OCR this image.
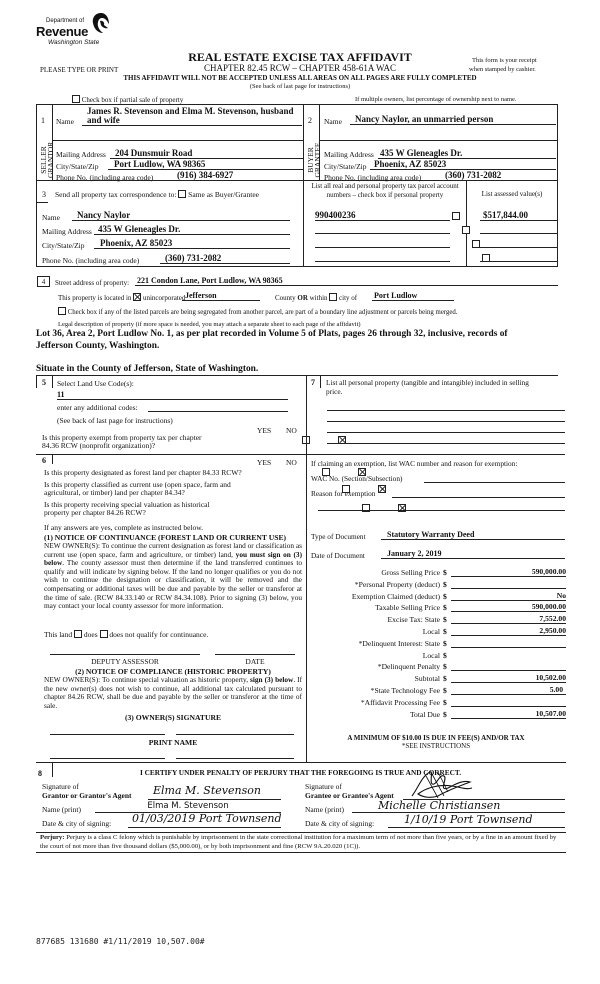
Department of
Revenue
Washington State
REAL ESTATE EXCISE TAX AFFIDAVIT
CHAPTER 82.45 RCW – CHAPTER 458-61A WAC
PLEASE TYPE OR PRINT
This form is your receipt
when stamped by cashier.
THIS AFFIDAVIT WILL NOT BE ACCEPTED UNLESS ALL AREAS ON ALL PAGES ARE FULLY COMPLETED
(See back of last page for instructions)
Check box if partial sale of property	If multiple owners, list percentage of ownership next to name.
1 Name
James R. Stevenson and Elma M. Stevenson, husband
and wife
SELLER
GRANTOR Mailing Address	204 Dunsmuir Road
City/State/Zip	Port Ludlow, WA 98365
Phone No. (including area code)	(916) 384-6927
2 Name	Nancy Naylor, an unmarried person
BUYER
GRANTEE Mailing Address 435 W Gleneagles Dr.
City/State/Zip Phoenix, AZ 85023
Phone No. (including area code)	(360) 731-2082
3 Send all property tax correspondence to: Same as Buyer/Grantee
Name	Nancy Naylor
Mailing Address 435 W Gleneagles Dr.
City/State/Zip	Phoenix, AZ 85023
Phone No. (including area code)	(360) 731-2082
List all real and personal property tax parcel account
numbers – check box if personal property	List assessed value(s)
990400236
	$517,844.00

4	Street address of property: 221 Condon Lane, Port Ludlow, WA 98365
This property is located in unincorporated Jefferson	County OR within city of Port Ludlow
Check box if any of the listed parcels are being segregated from another parcel, are part of a boundary line adjustment or parcels being merged.
Legal description of property (if more space is needed, you may attach a separate sheet to each page of the affidavit)
Lot 36, Area 2, Port Ludlow No. 1, as per plat recorded in Volume 5 of Plats, pages 26 through 32, inclusive, records of
Jefferson County, Washington.
Situate in the County of Jefferson, State of Washington.
5 Select Land Use Code(s):
11
enter any additional codes:
(See back of last page for instructions)
YES NO
Is this property exempt from property tax per chapter
84.36 RCW (nonprofit organization)?

6	YES NO
Is this property designated as forest land per chapter 84.33 RCW?

Is this property classified as current use (open space, farm and
agricultural, or timber) land per chapter 84.34?

Is this property receiving special valuation as historical
property per chapter 84.26 RCW?

If any answers are yes, complete as instructed below.
(1) NOTICE OF CONTINUANCE (FOREST LAND OR CURRENT USE)
NEW OWNER(S): To continue the current designation as forest land or classification as current use (open space, farm and agriculture, or timber) land, you must sign on (3) below. The county assessor must then determine if the land transferred continues to qualify and will indicate by signing below. If the land no longer qualifies or you do not wish to continue the designation or classification, it will be removed and the compensating or additional taxes will be due and payable by the seller or transferor at the time of sale. (RCW 84.33.140 or RCW 84.34.108). Prior to signing (3) below, you may contact your local county assessor for more information.
This land does does not qualify for continuance.
DEPUTY ASSESSOR	DATE
(2) NOTICE OF COMPLIANCE (HISTORIC PROPERTY)
NEW OWNER(S): To continue special valuation as historic property, sign (3) below. If the new owner(s) does not wish to continue, all additional tax calculated pursuant to chapter 84.26 RCW, shall be due and payable by the seller or transferor at the time of sale.
(3) OWNER(S) SIGNATURE
PRINT NAME
7 List all personal property (tangible and intangible) included in selling
price.
If claiming an exemption, list WAC number and reason for exemption:
WAC No. (Section/Subsection)
Reason for exemption
Type of Document	Statutory Warranty Deed
Date of Document	January 2, 2019
Gross Selling Price $	590,000.00
*Personal Property (deduct) $
Exemption Claimed (deduct) $	No
Taxable Selling Price $	590,000.00
Excise Tax: State $	7,552.00
Local $	2,950.00
*Delinquent Interest: State $
Local $
*Delinquent Penalty $
Subtotal $	10,502.00
*State Technology Fee $	5.00
*Affidavit Processing Fee $
Total Due $	10,507.00
A MINIMUM OF $10.00 IS DUE IN FEE(S) AND/OR TAX
*SEE INSTRUCTIONS
8	I CERTIFY UNDER PENALTY OF PERJURY THAT THE FOREGOING IS TRUE AND CORRECT.
Signature of
Grantor or Grantor's Agent	Elma M. Stevenson
Name (print)	Elma M. Stevenson
Date & city of signing:	01/03/2019 Port Townsend
Signature of
Grantee or Grantee's Agent
Name (print)	Michelle Christiansen
Date & city of signing:	1/10/19 Port Townsend
Perjury: Perjury is a class C felony which is punishable by imprisonment in the state correctional institution for a maximum term of not more than five years, or by a fine in an amount fixed by the court of not more than five thousand dollars ($5,000.00), or by both imprisonment and fine (RCW 9A.20.020 (1C)).
877685 131680 #1/11/2019 10,507.00#
